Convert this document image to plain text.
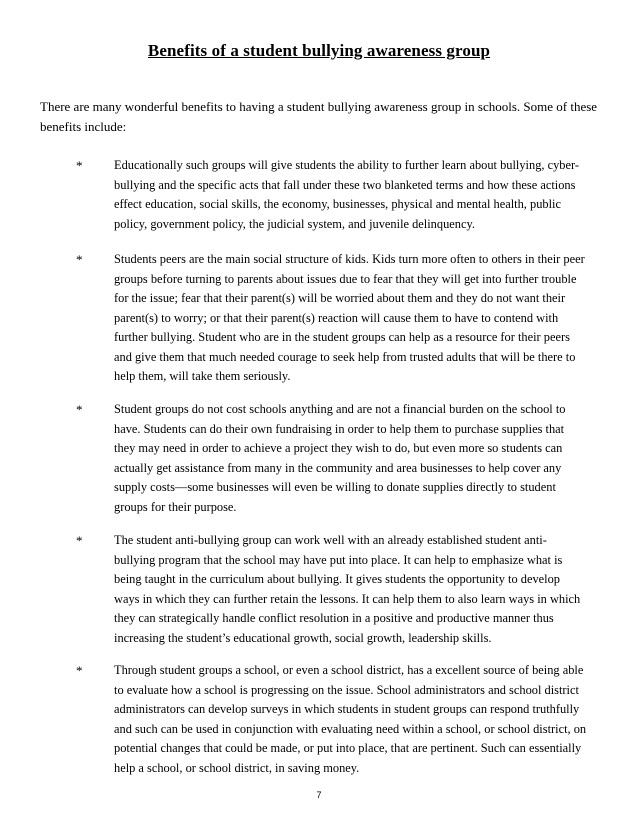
Benefits of a student bullying awareness group

There are many wonderful benefits to having a student bullying awareness group in schools. Some of these benefits include:

*	Educationally such groups will give students the ability to further learn about bullying, cyber-bullying and the specific acts that fall under these two blanketed terms and how these actions effect education, social skills, the economy, businesses, physical and mental health, public policy, government policy, the judicial system, and juvenile delinquency.

*	Students peers are the main social structure of kids. Kids turn more often to others in their peer groups before turning to parents about issues due to fear that they will get into further trouble for the issue; fear that their parent(s) will be worried about them and they do not want their parent(s) to worry; or that their parent(s) reaction will cause them to have to contend with further bullying. Student who are in the student groups can help as a resource for their peers and give them that much needed courage to seek help from trusted adults that will be there to help them, will take them seriously.

*	Student groups do not cost schools anything and are not a financial burden on the school to have. Students can do their own fundraising in order to help them to purchase supplies that they may need in order to achieve a project they wish to do, but even more so students can actually get assistance from many in the community and area businesses to help cover any supply costs—some businesses will even be willing to donate supplies directly to student groups for their purpose.

*	The student anti-bullying group can work well with an already established student anti-bullying program that the school may have put into place. It can help to emphasize what is being taught in the curriculum about bullying. It gives students the opportunity to develop ways in which they can further retain the lessons. It can help them to also learn ways in which they can strategically handle conflict resolution in a positive and productive manner thus increasing the student’s educational growth, social growth, leadership skills.

*	Through student groups a school, or even a school district, has a excellent source of being able to evaluate how a school is progressing on the issue. School administrators and school district administrators can develop surveys in which students in student groups can respond truthfully and such can be used in conjunction with evaluating need within a school, or school district, on potential changes that could be made, or put into place, that are pertinent. Such can essentially help a school, or school district, in saving money.

7
